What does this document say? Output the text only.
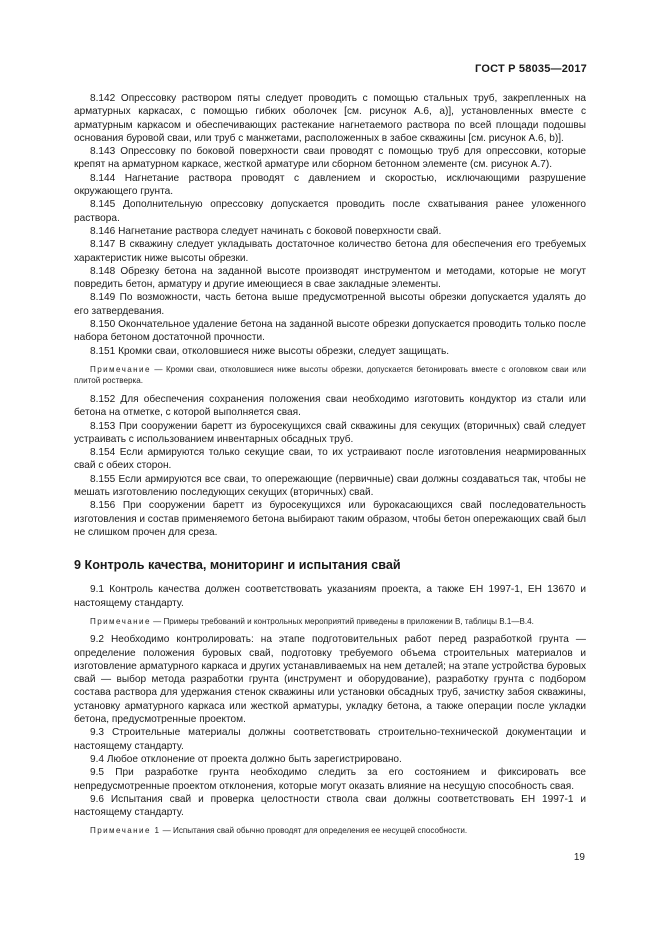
ГОСТ Р 58035—2017

8.142 Опрессовку раствором пяты следует проводить с помощью стальных труб, закрепленных на арматурных каркасах, с помощью гибких оболочек [см. рисунок А.6, а)], установленных вместе с арматурным каркасом и обеспечивающих растекание нагнетаемого раствора по всей площади подошвы основания буровой сваи, или труб с манжетами, расположенных в забое скважины [см. рисунок А.6, b)].

8.143 Опрессовку по боковой поверхности сваи проводят с помощью труб для опрессовки, которые крепят на арматурном каркасе, жесткой арматуре или сборном бетонном элементе (см. рисунок А.7).

8.144 Нагнетание раствора проводят с давлением и скоростью, исключающими разрушение окружающего грунта.

8.145 Дополнительную опрессовку допускается проводить после схватывания ранее уложенного раствора.

8.146 Нагнетание раствора следует начинать с боковой поверхности свай.

8.147 В скважину следует укладывать достаточное количество бетона для обеспечения его требуемых характеристик ниже высоты обрезки.

8.148 Обрезку бетона на заданной высоте производят инструментом и методами, которые не могут повредить бетон, арматуру и другие имеющиеся в свае закладные элементы.

8.149 По возможности, часть бетона выше предусмотренной высоты обрезки допускается удалять до его затвердевания.

8.150 Окончательное удаление бетона на заданной высоте обрезки допускается проводить только после набора бетоном достаточной прочности.

8.151 Кромки сваи, отколовшиеся ниже высоты обрезки, следует защищать.

Примечание — Кромки сваи, отколовшиеся ниже высоты обрезки, допускается бетонировать вместе с оголовком сваи или плитой ростверка.

8.152 Для обеспечения сохранения положения сваи необходимо изготовить кондуктор из стали или бетона на отметке, с которой выполняется свая.

8.153 При сооружении баретт из буросекущихся свай скважины для секущих (вторичных) свай следует устраивать с использованием инвентарных обсадных труб.

8.154 Если армируются только секущие сваи, то их устраивают после изготовления неармированных свай с обеих сторон.

8.155 Если армируются все сваи, то опережающие (первичные) сваи должны создаваться так, чтобы не мешать изготовлению последующих секущих (вторичных) свай.

8.156 При сооружении баретт из буросекущихся или бурокасающихся свай последовательность изготовления и состав применяемого бетона выбирают таким образом, чтобы бетон опережающих свай был не слишком прочен для среза.

9 Контроль качества, мониторинг и испытания свай

9.1 Контроль качества должен соответствовать указаниям проекта, а также ЕН 1997-1, ЕН 13670 и настоящему стандарту.

Примечание — Примеры требований и контрольных мероприятий приведены в приложении В, таблицы В.1—В.4.

9.2 Необходимо контролировать: на этапе подготовительных работ перед разработкой грунта — определение положения буровых свай, подготовку требуемого объема строительных материалов и изготовление арматурного каркаса и других устанавливаемых на нем деталей; на этапе устройства буровых свай — выбор метода разработки грунта (инструмент и оборудование), разработку грунта с подбором состава раствора для удержания стенок скважины или установки обсадных труб, зачистку забоя скважины, установку арматурного каркаса или жесткой арматуры, укладку бетона, а также операции после укладки бетона, предусмотренные проектом.

9.3 Строительные материалы должны соответствовать строительно-технической документации и настоящему стандарту.

9.4 Любое отклонение от проекта должно быть зарегистрировано.

9.5 При разработке грунта необходимо следить за его состоянием и фиксировать все непредусмотренные проектом отклонения, которые могут оказать влияние на несущую способность свая.

9.6 Испытания свай и проверка целостности ствола сваи должны соответствовать ЕН 1997-1 и настоящему стандарту.

Примечание 1 — Испытания свай обычно проводят для определения ее несущей способности.

19
